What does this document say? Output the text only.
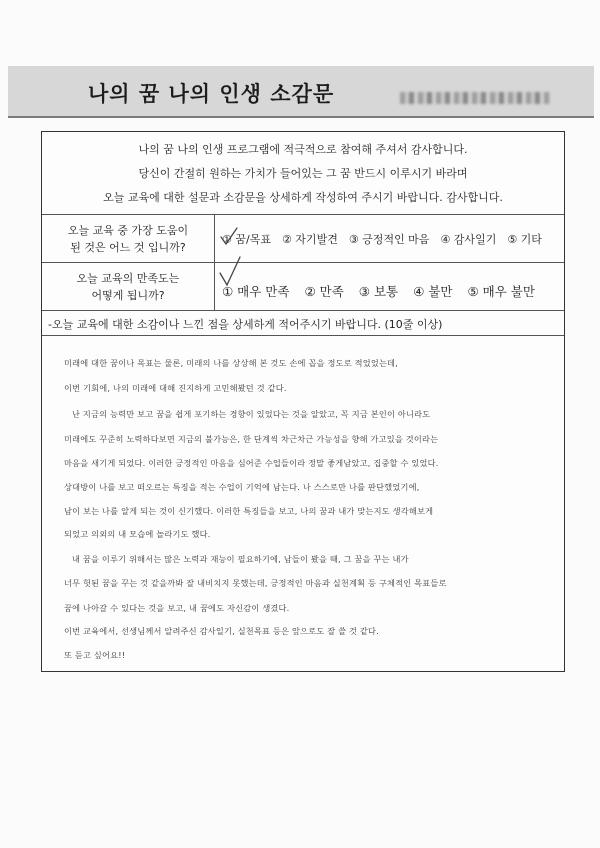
나의 꿈 나의 인생 소감문
나의 꿈 나의 인생 프로그램에 적극적으로 참여해 주셔서 감사합니다.
당신이 간절히 원하는 가치가 들어있는 그 꿈 반드시 이루시기 바라며
오늘 교육에 대한 설문과 소감문을 상세하게 작성하여 주시기 바랍니다. 감사합니다.
오늘 교육 중 가장 도움이
된 것은 어느 것 입니까?
① 꿈/목표 ② 자기발견 ③ 긍정적인 마음 ④ 감사일기 ⑤ 기타
오늘 교육의 만족도는
어떻게 됩니까?	① 매우 만족 ② 만족 ③ 보통 ④ 불만 ⑤ 매우 불만
-오늘 교육에 대한 소감이나 느낀 점을 상세하게 적어주시기 바랍니다. (10줄 이상)
미래에 대한 꿈이나 목표는 물론, 미래의 나를 상상해 본 것도 손에 꼽을 정도로 적었었는데,
이번 기회에, 나의 미래에 대해 진지하게 고민해봤던 것 같다.
난 지금의 능력만 보고 꿈을 쉽게 포기하는 경향이 있었다는 것을 알았고, 꼭 지금 본인이 아니라도
미래에도 꾸준히 노력하다보면 지금의 불가능은, 한 단계씩 차근차근 가능성을 향해 가고있을 것이라는
마음을 새기게 되었다. 이러한 긍정적인 마음을 심어준 수업들이라 정말 좋게남았고, 집중할 수 있었다.
상대방이 나를 보고 떠오르는 특징을 적는 수업이 기억에 남는다. 나 스스로만 나를 판단했었기에,
남이 보는 나를 알게 되는 것이 신기했다. 이러한 특징들을 보고, 나의 꿈과 내가 맞는지도 생각해보게
되었고 의외의 내 모습에 놀라기도 했다.
내 꿈을 이루기 위해서는 많은 노력과 재능이 필요하기에, 남들이 봤을 때, 그 꿈을 꾸는 내가
너무 헛된 꿈을 꾸는 것 같을까봐 잘 내비치지 못했는데, 긍정적인 마음과 실천계획 등 구체적인 목표들로
꿈에 나아갈 수 있다는 것을 보고, 내 꿈에도 자신감이 생겼다.
이번 교육에서, 선생님께서 알려주신 감사일기, 실천목표 등은 앞으로도 잘 쓸 것 같다.
또 듣고 싶어요!!
